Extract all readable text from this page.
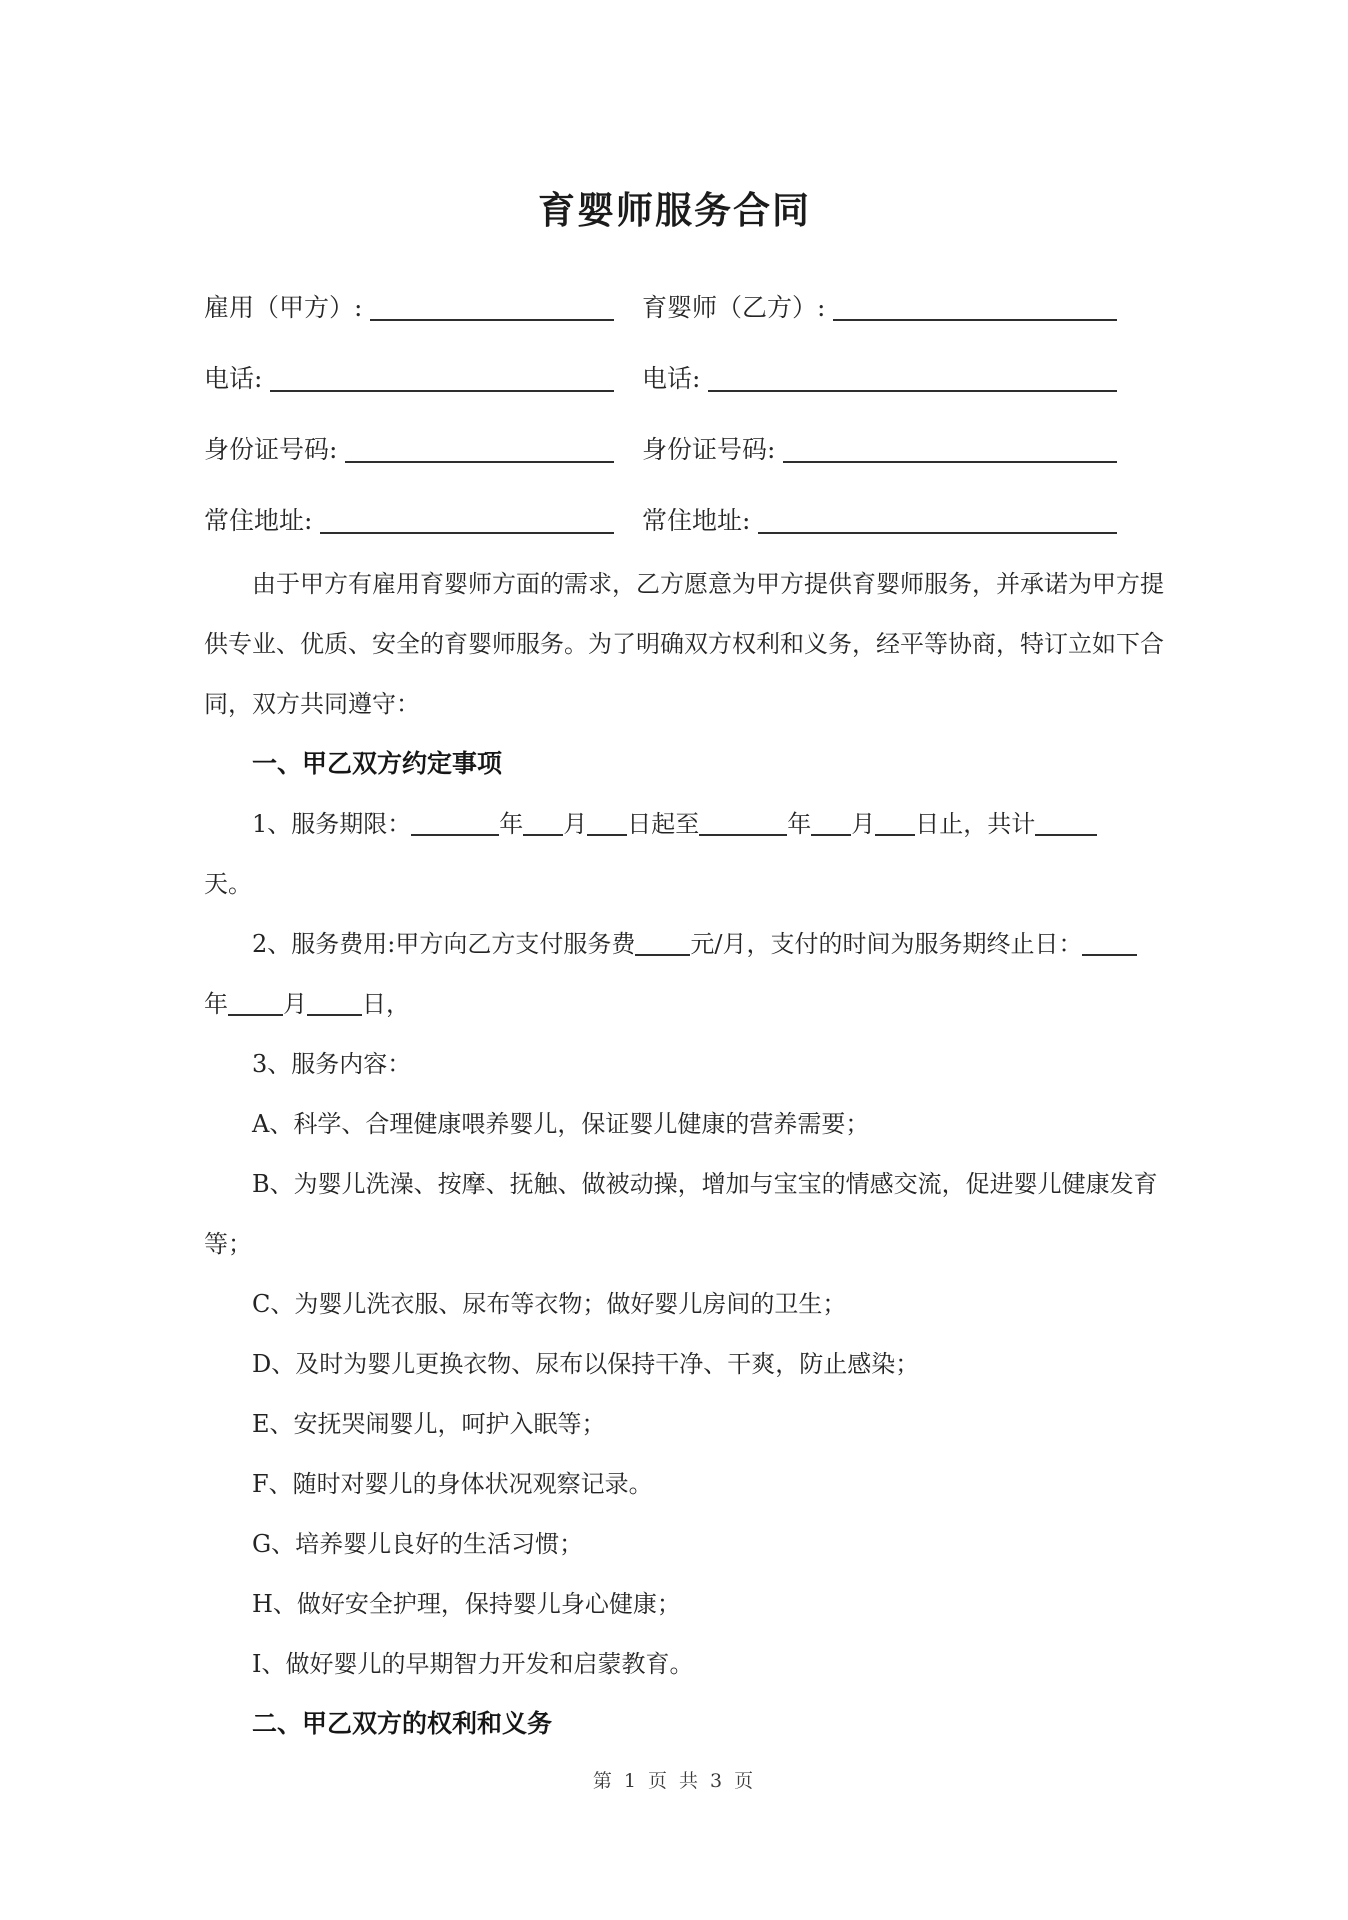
育婴师服务合同
雇用（甲方）:	育婴师（乙方）:
电话:	电话:
身份证号码:	身份证号码:
常住地址:	常住地址:
由于甲方有雇用育婴师方面的需求，乙方愿意为甲方提供育婴师服务，并承诺为甲方提
供专业、优质、安全的育婴师服务。为了明确双方权利和义务，经平等协商，特订立如下合
同，双方共同遵守：
一、甲乙双方约定事项
1、服务期限：	年 月 日起至	年 月 日止，共计
天。
2、服务费用:甲方向乙方支付服务费 元/月，支付的时间为服务期终止日：
年 月 日，
3、服务内容：
A、科学、合理健康喂养婴儿，保证婴儿健康的营养需要；
B、为婴儿洗澡、按摩、抚触、做被动操，增加与宝宝的情感交流，促进婴儿健康发育
等；
C、为婴儿洗衣服、尿布等衣物；做好婴儿房间的卫生；
D、及时为婴儿更换衣物、尿布以保持干净、干爽，防止感染；
E、安抚哭闹婴儿，呵护入眠等；
F、随时对婴儿的身体状况观察记录。
G、培养婴儿良好的生活习惯；
H、做好安全护理，保持婴儿身心健康；
I、做好婴儿的早期智力开发和启蒙教育。
二、甲乙双方的权利和义务
第 1 页 共 3 页
